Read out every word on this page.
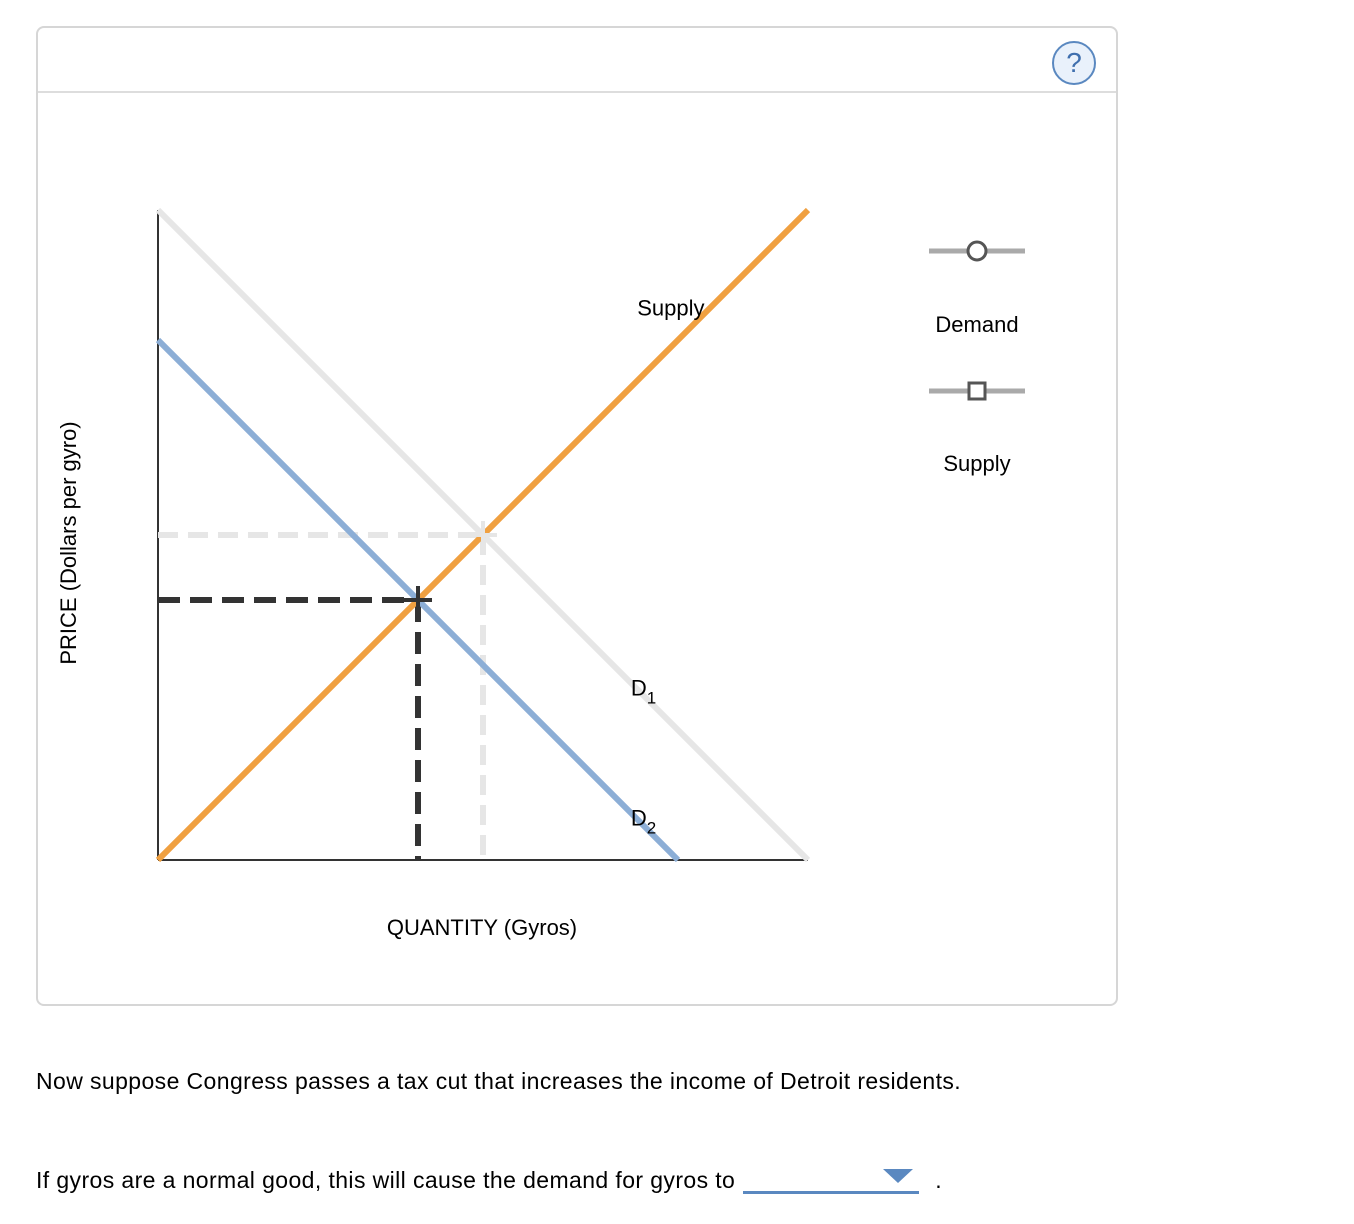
?
Supply
$D_1$
$D_2$
PRICE (Dollars per gyro)
QUANTITY (Gyros)
Demand
Supply
Now suppose Congress passes a tax cut that increases the income of Detroit residents.
If gyros are a normal good, this will cause the demand for gyros to	.
